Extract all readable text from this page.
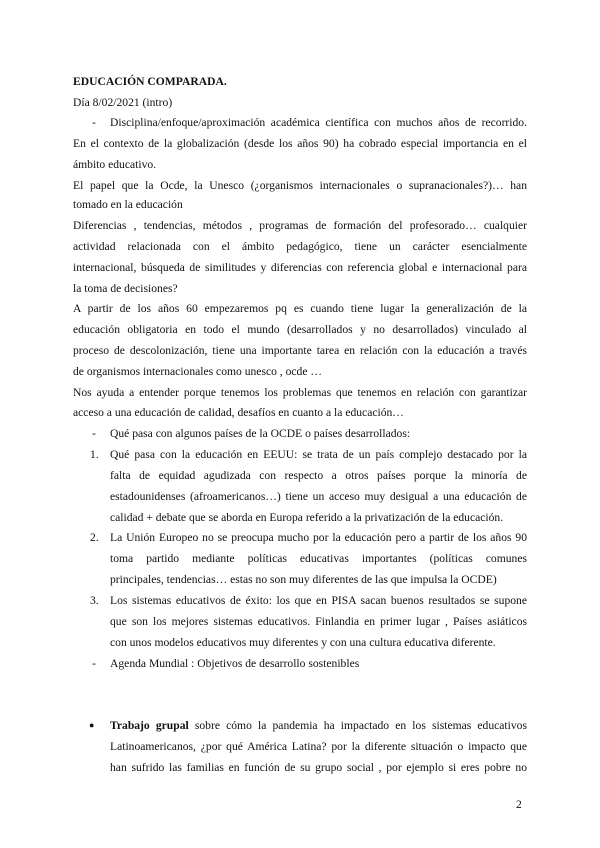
EDUCACIÓN COMPARADA.
Día 8/02/2021 (intro)
- Disciplina/enfoque/aproximación académica científica con muchos años de recorrido.
En el contexto de la globalización (desde los años 90) ha cobrado especial importancia en el
ámbito educativo.
El papel que la Ocde, la Unesco (¿organismos internacionales o supranacionales?)… han
tomado en la educación
Diferencias , tendencias, métodos , programas de formación del profesorado… cualquier
actividad relacionada con el ámbito pedagógico, tiene un carácter esencialmente
internacional, búsqueda de similitudes y diferencias con referencia global e internacional para
la toma de decisiones?
A partir de los años 60 empezaremos pq es cuando tiene lugar la generalización de la
educación obligatoria en todo el mundo (desarrollados y no desarrollados) vinculado al
proceso de descolonización, tiene una importante tarea en relación con la educación a través
de organismos internacionales como unesco , ocde …
Nos ayuda a entender porque tenemos los problemas que tenemos en relación con garantizar
acceso a una educación de calidad, desafíos en cuanto a la educación…
- Qué pasa con algunos países de la OCDE o países desarrollados:
1. Qué pasa con la educación en EEUU: se trata de un país complejo destacado por la
falta de equidad agudizada con respecto a otros países porque la minoría de
estadounidenses (afroamericanos…) tiene un acceso muy desigual a una educación de
calidad + debate que se aborda en Europa referido a la privatización de la educación.
2. La Unión Europeo no se preocupa mucho por la educación pero a partir de los años 90
toma partido mediante políticas educativas importantes (políticas comunes
principales, tendencias… estas no son muy diferentes de las que impulsa la OCDE)
3. Los sistemas educativos de éxito: los que en PISA sacan buenos resultados se supone
que son los mejores sistemas educativos. Finlandia en primer lugar , Países asiáticos
con unos modelos educativos muy diferentes y con una cultura educativa diferente.
- Agenda Mundial : Objetivos de desarrollo sostenibles
● Trabajo grupal sobre cómo la pandemia ha impactado en los sistemas educativos
Latinoamericanos, ¿por qué América Latina? por la diferente situación o impacto que
han sufrido las familias en función de su grupo social , por ejemplo si eres pobre no
2
